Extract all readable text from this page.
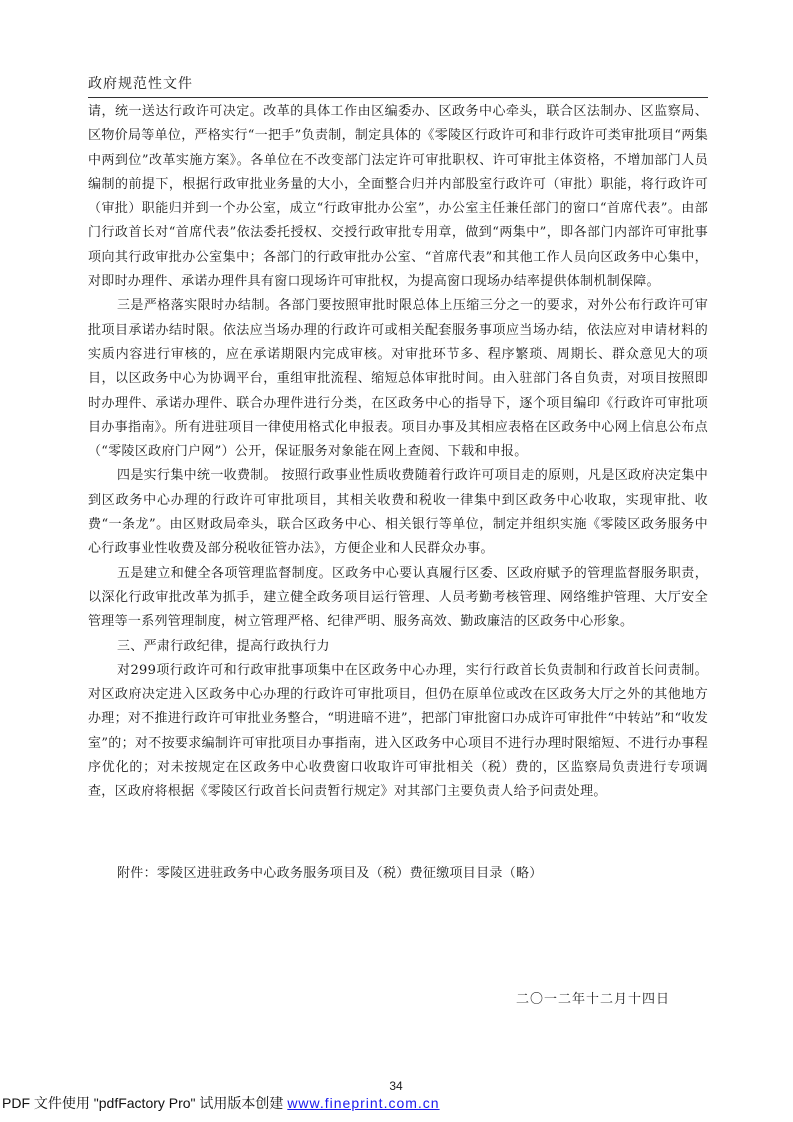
政府规范性文件

请，统一送达行政许可决定。改革的具体工作由区编委办、区政务中心牵头，联合区法制办、区监察局、区物价局等单位，严格实行“一把手”负责制，制定具体的《零陵区行政许可和非行政许可类审批项目“两集中两到位”改革实施方案》。各单位在不改变部门法定许可审批职权、许可审批主体资格，不增加部门人员编制的前提下，根据行政审批业务量的大小，全面整合归并内部股室行政许可（审批）职能，将行政许可（审批）职能归并到一个办公室，成立“行政审批办公室”，办公室主任兼任部门的窗口“首席代表”。由部门行政首长对“首席代表”依法委托授权、交授行政审批专用章，做到“两集中”，即各部门内部许可审批事项向其行政审批办公室集中；各部门的行政审批办公室、“首席代表”和其他工作人员向区政务中心集中，对即时办理件、承诺办理件具有窗口现场许可审批权，为提高窗口现场办结率提供体制机制保障。

三是严格落实限时办结制。各部门要按照审批时限总体上压缩三分之一的要求，对外公布行政许可审批项目承诺办结时限。依法应当场办理的行政许可或相关配套服务事项应当场办结，依法应对申请材料的实质内容进行审核的，应在承诺期限内完成审核。对审批环节多、程序繁琐、周期长、群众意见大的项目，以区政务中心为协调平台，重组审批流程、缩短总体审批时间。由入驻部门各自负责，对项目按照即时办理件、承诺办理件、联合办理件进行分类，在区政务中心的指导下，逐个项目编印《行政许可审批项目办事指南》。所有进驻项目一律使用格式化申报表。项目办事及其相应表格在区政务中心网上信息公布点（“零陵区政府门户网”）公开，保证服务对象能在网上查阅、下载和申报。

四是实行集中统一收费制。 按照行政事业性质收费随着行政许可项目走的原则，凡是区政府决定集中到区政务中心办理的行政许可审批项目，其相关收费和税收一律集中到区政务中心收取，实现审批、收费“一条龙”。由区财政局牵头，联合区政务中心、相关银行等单位，制定并组织实施《零陵区政务服务中心行政事业性收费及部分税收征管办法》，方便企业和人民群众办事。

五是建立和健全各项管理监督制度。区政务中心要认真履行区委、区政府赋予的管理监督服务职责，以深化行政审批改革为抓手，建立健全政务项目运行管理、人员考勤考核管理、网络维护管理、大厅安全管理等一系列管理制度，树立管理严格、纪律严明、服务高效、勤政廉洁的区政务中心形象。

三、严肃行政纪律，提高行政执行力

对299项行政许可和行政审批事项集中在区政务中心办理，实行行政首长负责制和行政首长问责制。对区政府决定进入区政务中心办理的行政许可审批项目，但仍在原单位或改在区政务大厅之外的其他地方办理；对不推进行政许可审批业务整合，“明进暗不进”，把部门审批窗口办成许可审批件“中转站”和“收发室”的；对不按要求编制许可审批项目办事指南，进入区政务中心项目不进行办理时限缩短、不进行办事程序优化的；对未按规定在区政务中心收费窗口收取许可审批相关（税）费的，区监察局负责进行专项调查，区政府将根据《零陵区行政首长问责暂行规定》对其部门主要负责人给予问责处理。

附件：零陵区进驻政务中心政务服务项目及（税）费征缴项目目录（略）
二〇一二年十二月十四日
34
PDF 文件使用 "pdfFactory Pro" 试用版本创建 www.fineprint.com.cn
